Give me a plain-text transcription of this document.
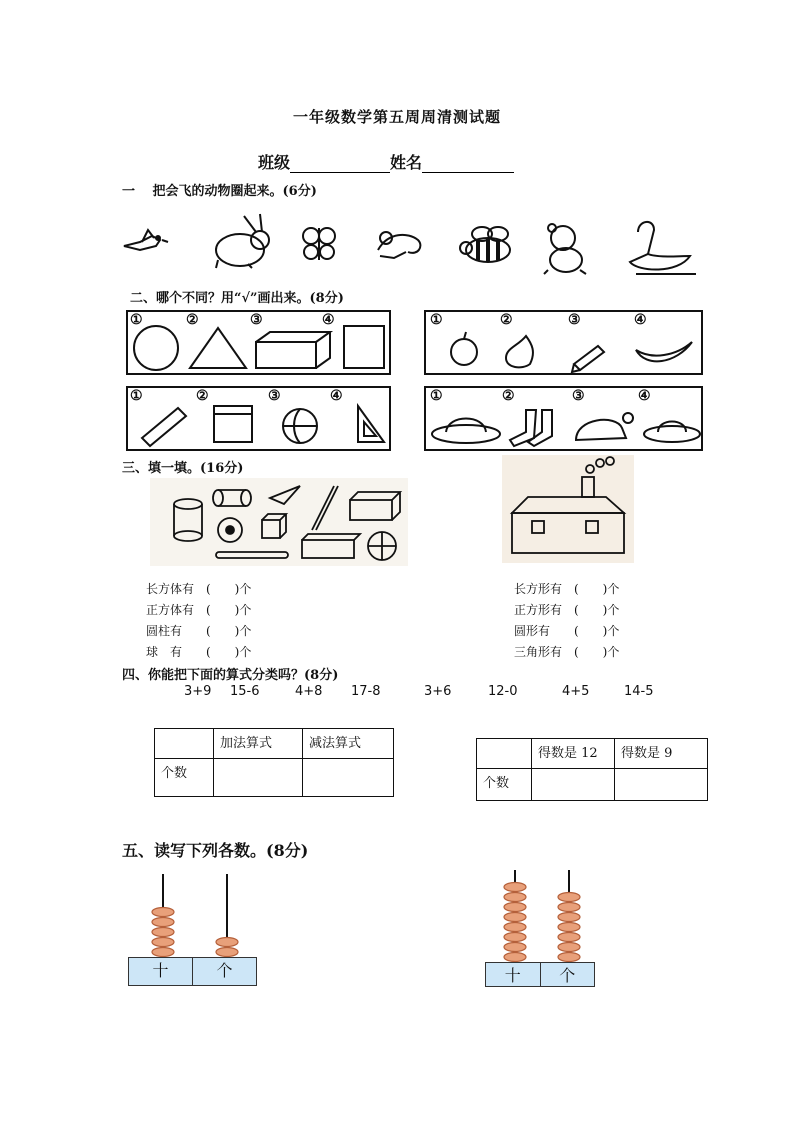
一年级数学第五周周清测试题
班级	姓名
一　 把会飞的动物圈起来。(6分)
二、哪个不同？用“√”画出来。(8分)
①	②	③	④	①	②	③	④
①	②	③	④	①	②	③	④
三、填一填。(16分)
长方体有　(　　)个
正方体有　(　　)个
圆柱有　　(　　)个
球　有　　(　　)个
长方形有　(　　)个
正方形有　(　　)个
圆形有　　(　　)个
三角形有　(　　)个
四、你能把下面的算式分类吗？(8分)
3+9 15-6	4+8 17-8	3+6	12-0	4+5	14-5
	加法算式	减法算式
个数		
	得数是 12	得数是 9
个数		
五、读写下列各数。(8分)
十	个	十	个
